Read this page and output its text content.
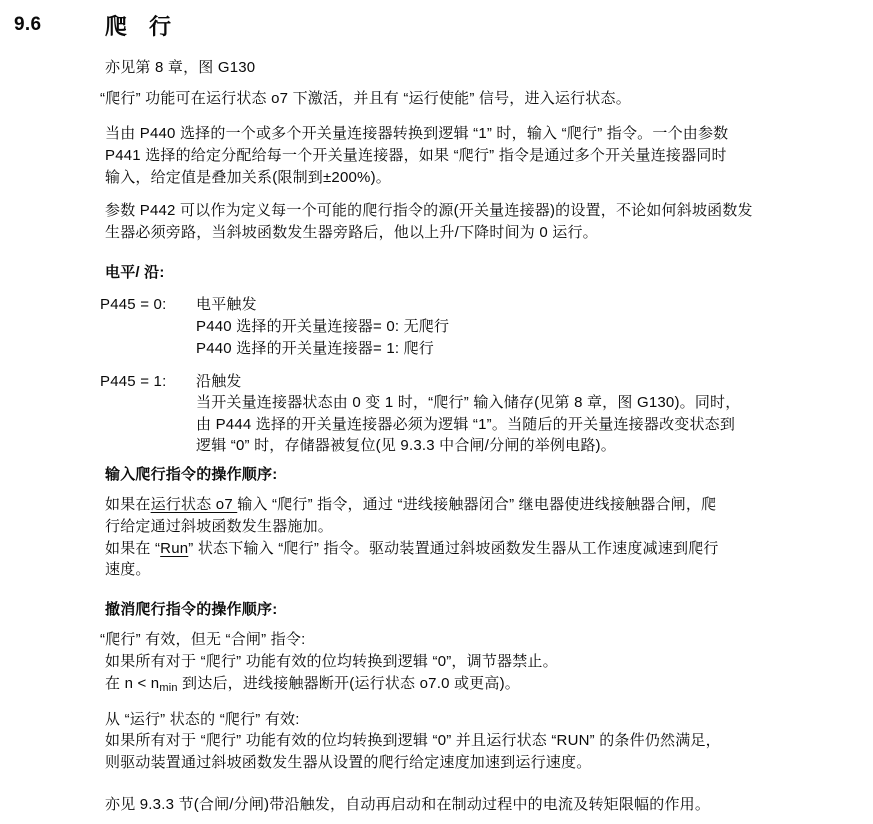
9.6	爬　行
亦见第 8 章，图 G130
“爬行” 功能可在运行状态 o7 下激活，并且有 “运行使能” 信号，进入运行状态。
当由 P440 选择的一个或多个开关量连接器转换到逻辑 “1” 时，输入 “爬行” 指令。一个由参数
P441 选择的给定分配给每一个开关量连接器，如果 “爬行” 指令是通过多个开关量连接器同时
输入，给定值是叠加关系(限制到±200%)。
参数 P442 可以作为定义每一个可能的爬行指令的源(开关量连接器)的设置，不论如何斜坡函数发
生器必须旁路，当斜坡函数发生器旁路后，他以上升/下降时间为 0 运行。
电平/ 沿:
P445 = 0: 电平触发
P440 选择的开关量连接器= 0: 无爬行
P440 选择的开关量连接器= 1: 爬行
P445 = 1: 沿触发
当开关量连接器状态由 0 变 1 时，“爬行” 输入储存(见第 8 章，图 G130)。同时，
由 P444 选择的开关量连接器必须为逻辑 “1”。当随后的开关量连接器改变状态到
逻辑 “0” 时，存储器被复位(见 9.3.3 中合闸/分闸的举例电路)。
输入爬行指令的操作顺序:
如果在运行状态 o7 输入 “爬行” 指令，通过 “进线接触器闭合” 继电器使进线接触器合闸，爬
行给定通过斜坡函数发生器施加。
如果在 “Run” 状态下输入 “爬行” 指令。驱动装置通过斜坡函数发生器从工作速度减速到爬行
速度。
撤消爬行指令的操作顺序:
“爬行” 有效，但无 “合闸” 指令:
如果所有对于 “爬行” 功能有效的位均转换到逻辑 “0”，调节器禁止。
在 $n < n_{min}$ 到达后，进线接触器断开(运行状态 o7.0 或更高)。
从 “运行” 状态的 “爬行” 有效:
如果所有对于 “爬行” 功能有效的位均转换到逻辑 “0” 并且运行状态 “RUN” 的条件仍然满足，
则驱动装置通过斜坡函数发生器从设置的爬行给定速度加速到运行速度。
亦见 9.3.3 节(合闸/分闸)带沿触发，自动再启动和在制动过程中的电流及转矩限幅的作用。
